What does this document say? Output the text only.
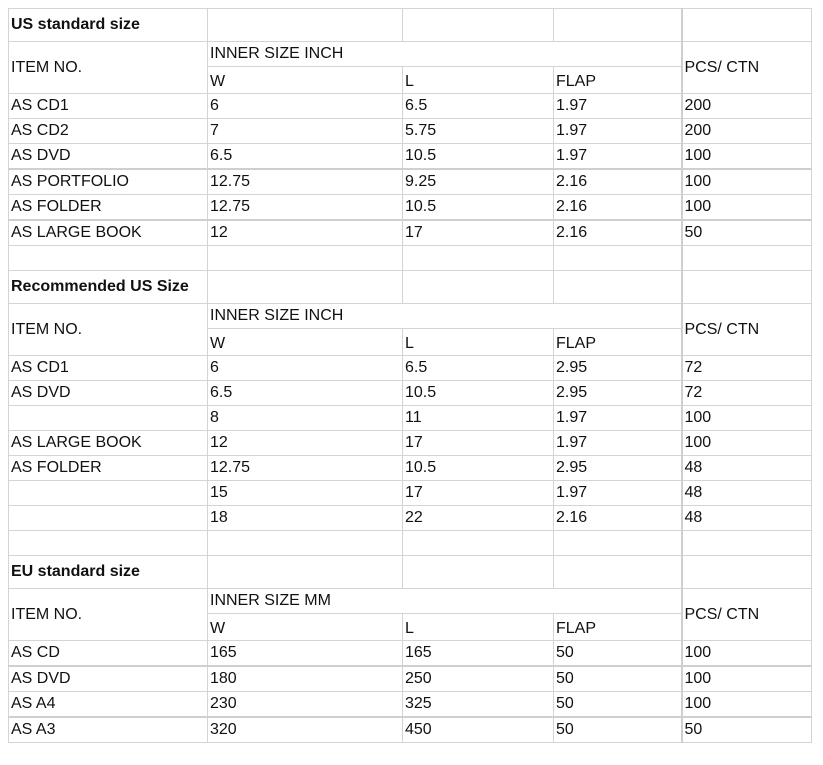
US standard size				
ITEM NO.	INNER SIZE INCH			PCS/ CTN
	W	L	FLAP	
AS CD1	6	6.5	1.97	200
AS CD2	7	5.75	1.97	200
AS DVD	6.5	10.5	1.97	100
AS PORTFOLIO	12.75	9.25	2.16	100
AS FOLDER	12.75	10.5	2.16	100
AS LARGE BOOK	12	17	2.16	50

Recommended US Size				
ITEM NO.	INNER SIZE INCH			PCS/ CTN
	W	L	FLAP	
AS CD1	6	6.5	2.95	72
AS DVD	6.5	10.5	2.95	72
	8	11	1.97	100
AS LARGE BOOK	12	17	1.97	100
AS FOLDER	12.75	10.5	2.95	48
	15	17	1.97	48
	18	22	2.16	48

EU standard size				
ITEM NO.	INNER SIZE MM			PCS/ CTN
	W	L	FLAP	
AS CD	165	165	50	100
AS DVD	180	250	50	100
AS A4	230	325	50	100
AS A3	320	450	50	50
